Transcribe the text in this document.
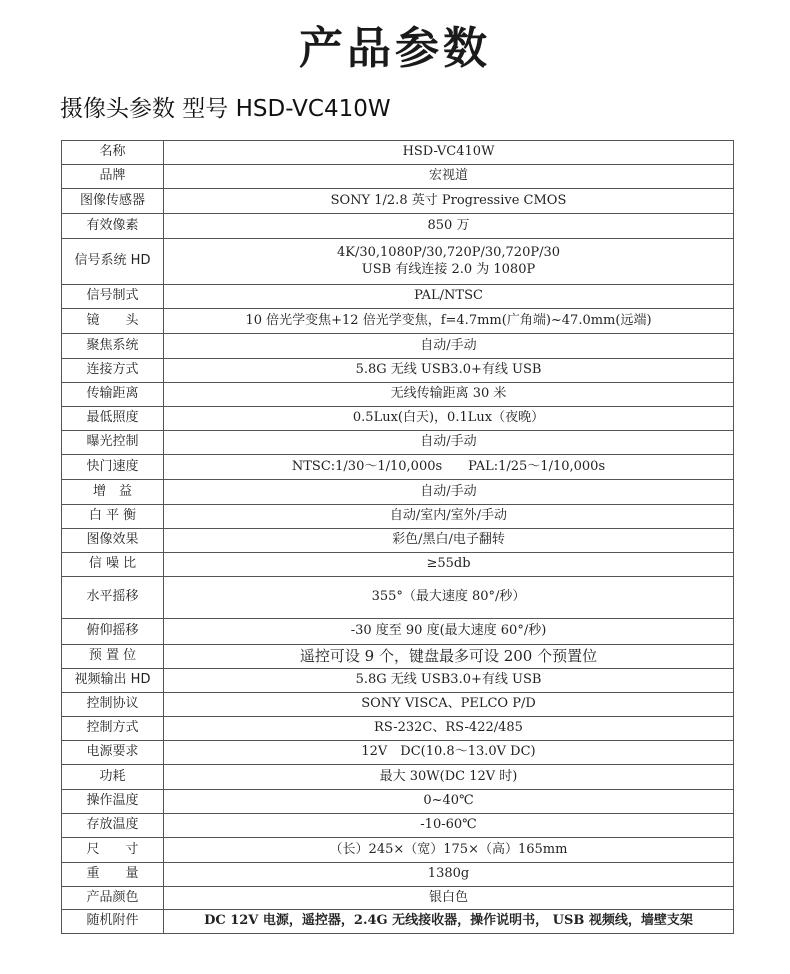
产品参数
摄像头参数 型号 HSD-VC410W
名称	HSD-VC410W

品牌	宏视道

图像传感器	SONY 1/2.8 英寸 Progressive CMOS

有效像素	850 万

信号系统 HD	4K/30,1080P/30,720P/30,720P/30
USB 有线连接 2.0 为 1080P

信号制式	PAL/NTSC

镜　　头	10 倍光学变焦+12 倍光学变焦，f=4.7mm(广角端)~47.0mm(远端)

聚焦系统	自动/手动

连接方式	5.8G 无线 USB3.0+有线 USB

传输距离	无线传输距离 30 米

最低照度	0.5Lux(白天)，0.1Lux（夜晚）

曝光控制	自动/手动

快门速度	NTSC:1/30～1/10,000s　　PAL:1/25～1/10,000s

增　益	自动/手动

白 平 衡	自动/室内/室外/手动

图像效果	彩色/黑白/电子翻转

信 噪 比	≥55db

水平摇移	355°（最大速度 80°/秒）

俯仰摇移	-30 度至 90 度(最大速度 60°/秒)

预 置 位	遥控可设 9 个，键盘最多可设 200 个预置位

视频输出 HD	5.8G 无线 USB3.0+有线 USB

控制协议	SONY VISCA、PELCO P/D

控制方式	RS-232C、RS-422/485

电源要求	12V　DC(10.8～13.0V DC)

功耗	最大 30W(DC 12V 时)

操作温度	0~40℃

存放温度	-10-60℃

尺　　寸	（长）245×（宽）175×（高）165mm

重　　量	1380g

产品颜色	银白色

随机附件	DC 12V 电源，遥控器，2.4G 无线接收器，操作说明书， USB 视频线，墙壁支架
